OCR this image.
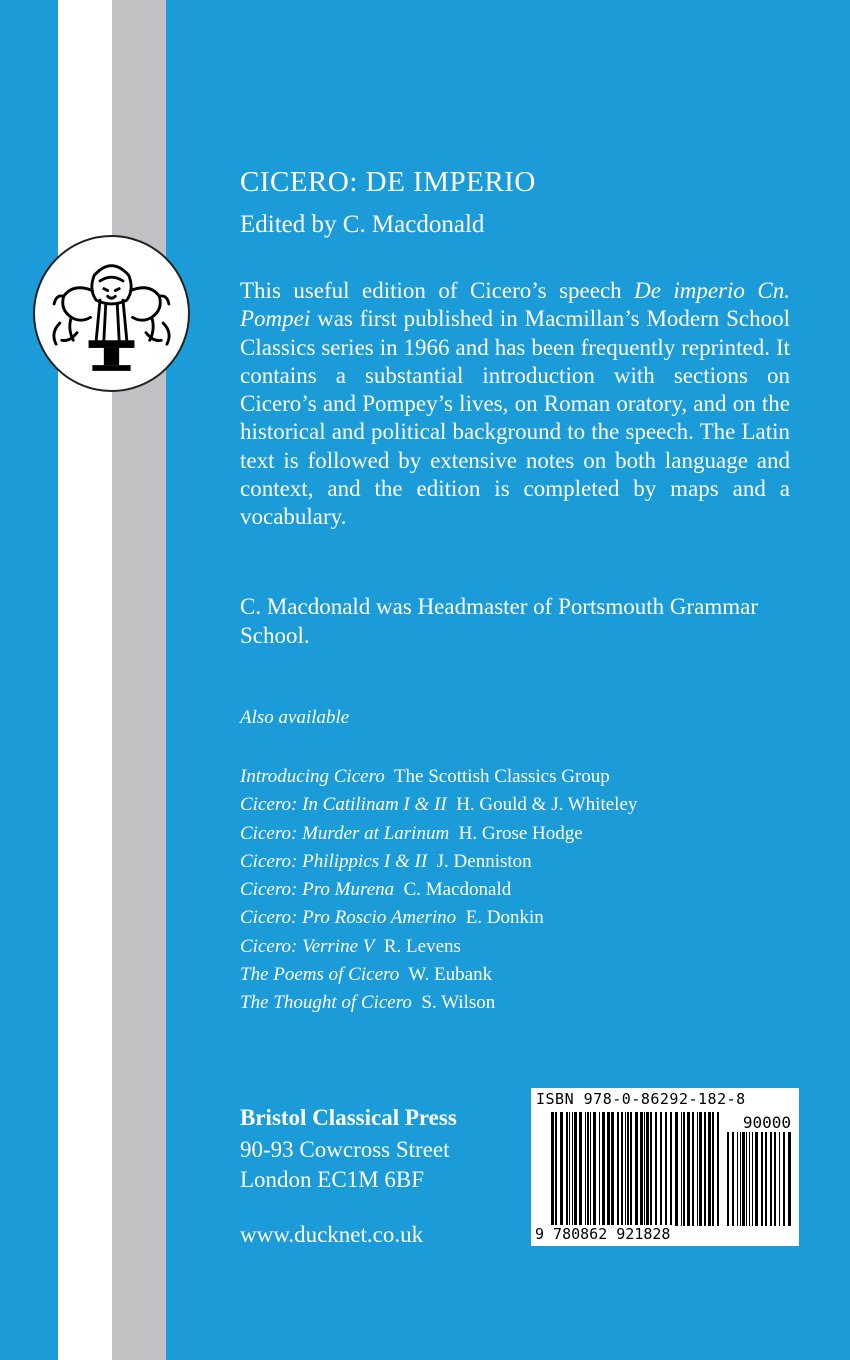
CICERO: DE IMPERIO
Edited by C. Macdonald

This useful edition of Cicero’s speech De imperio Cn. Pompei was first published in Macmillan’s Modern School Classics series in 1966 and has been frequently reprinted. It contains a substantial introduction with sections on Cicero’s and Pompey’s lives, on Roman oratory, and on the historical and political background to the speech. The Latin text is followed by extensive notes on both language and context, and the edition is completed by maps and a vocabulary.

C. Macdonald was Headmaster of Portsmouth Grammar School.

Also available
Introducing Cicero The Scottish Classics Group
Cicero: In Catilinam I & II H. Gould & J. Whiteley
Cicero: Murder at Larinum H. Grose Hodge
Cicero: Philippics I & II J. Denniston
Cicero: Pro Murena C. Macdonald
Cicero: Pro Roscio Amerino E. Donkin
Cicero: Verrine V R. Levens
The Poems of Cicero W. Eubank
The Thought of Cicero S. Wilson
Bristol Classical Press
90-93 Cowcross Street
London EC1M 6BF
www.ducknet.co.uk
ISBN 978-0-86292-182-8
90000
9 780862 921828
